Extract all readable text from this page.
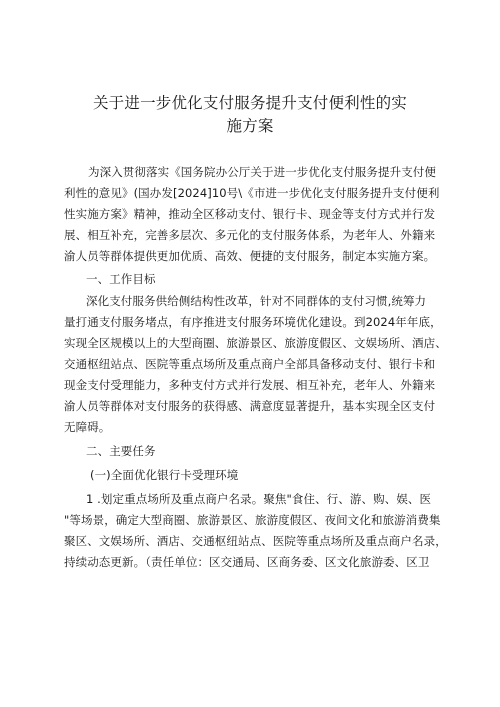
关于进一步优化支付服务提升支付便利性的实
施方案
为深入贯彻落实《国务院办公厅关于进一步优化支付服务提升支付便
利性的意见》(国办发[2024]10号\《市进一步优化支付服务提升支付便利
性实施方案》精神，推动全区移动支付、银行卡、现金等支付方式并行发
展、相互补充，完善多层次、多元化的支付服务体系，为老年人、外籍来
渝人员等群体提供更加优质、高效、便捷的支付服务，制定本实施方案。
一、工作目标
深化支付服务供给侧结构性改革，针对不同群体的支付习惯,统筹力
量打通支付服务堵点，有序推进支付服务环境优化建设。到2024年年底，
实现全区规模以上的大型商圈、旅游景区、旅游度假区、文娱场所、酒店、
交通枢纽站点、医院等重点场所及重点商户全部具备移动支付、银行卡和
现金支付受理能力，多种支付方式并行发展、相互补充，老年人、外籍来
渝人员等群体对支付服务的获得感、满意度显著提升，基本实现全区支付
无障碍。
二、主要任务
(一)全面优化银行卡受理环境
1 .划定重点场所及重点商户名录。聚焦"食住、行、游、购、娱、医
"等场景，确定大型商圈、旅游景区、旅游度假区、夜间文化和旅游消费集
聚区、文娱场所、酒店、交通枢纽站点、医院等重点场所及重点商户名录，
持续动态更新。（责任单位：区交通局、区商务委、区文化旅游委、区卫
